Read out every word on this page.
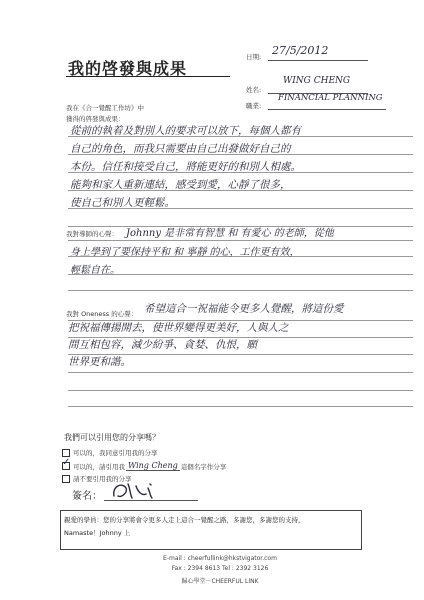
我的啓發與成果
日期: 27/5/2012
姓名:
WING CHENG
職業:
FINANCIAL PLANNING
我在《合一覺醒工作坊》中
獲得的啓發與成果：
從前的執着及對別人的要求可以放下，每個人都有
自己的角色，而我只需要由自己出發做好自己的
本份。信任和接受自己，將能更好的和別人相處。
能夠和家人重新連結，感受到愛，心靜了很多，
使自己和別人更輕鬆。
我對導師的心聲： Johnny 是非常有智慧 和 有愛心 的老師，從他
身上學到了要保持平和 和 寧靜 的心，工作更有效，
輕鬆自在。
我對 Oneness 的心聲： 希望這合一祝福能令更多人覺醒，將這份愛
把祝福傳揚開去，使世界變得更美好，人與人之
間互相包容，減少紛爭、貪婪、仇恨，願
世界更和諧。
我們可以引用您的分享嗎？
可以的，我同意引用我的分享
✓ 可以的，請引用我 Wing Cheng 這個名字作分享
請不要引用我的分享
簽名：
親愛的學員：您的分享將會令更多人走上這合一覺醒之路，多謝您，多謝您的支持，
Namaste！Johnny 上
E-mail : cheerfullink@hkstvigator.com
Fax : 2394 8613 Tel : 2392 3126
歸心學堂－CHEERFUL LINK
